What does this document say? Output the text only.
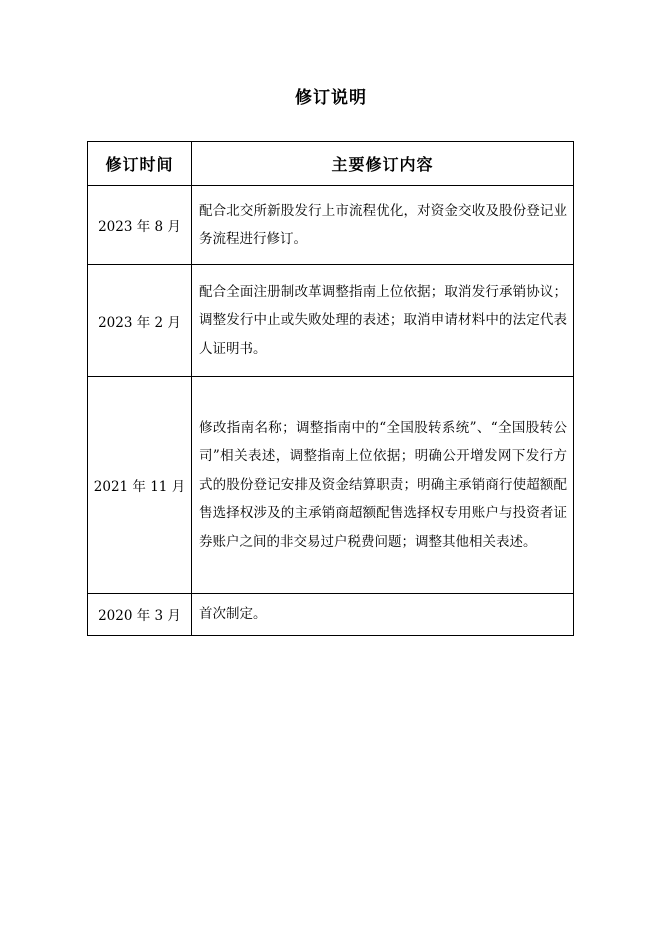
修订说明
修订时间	主要修订内容
2023 年 8 月	配合北交所新股发行上市流程优化，对资金交收及股份登记业务流程进行修订。
2023 年 2 月	配合全面注册制改革调整指南上位依据；取消发行承销协议；调整发行中止或失败处理的表述；取消申请材料中的法定代表人证明书。
2021 年 11 月	修改指南名称；调整指南中的“全国股转系统”、“全国股转公司”相关表述，调整指南上位依据；明确公开增发网下发行方式的股份登记安排及资金结算职责；明确主承销商行使超额配售选择权涉及的主承销商超额配售选择权专用账户与投资者证券账户之间的非交易过户税费问题；调整其他相关表述。
2020 年 3 月	首次制定。
